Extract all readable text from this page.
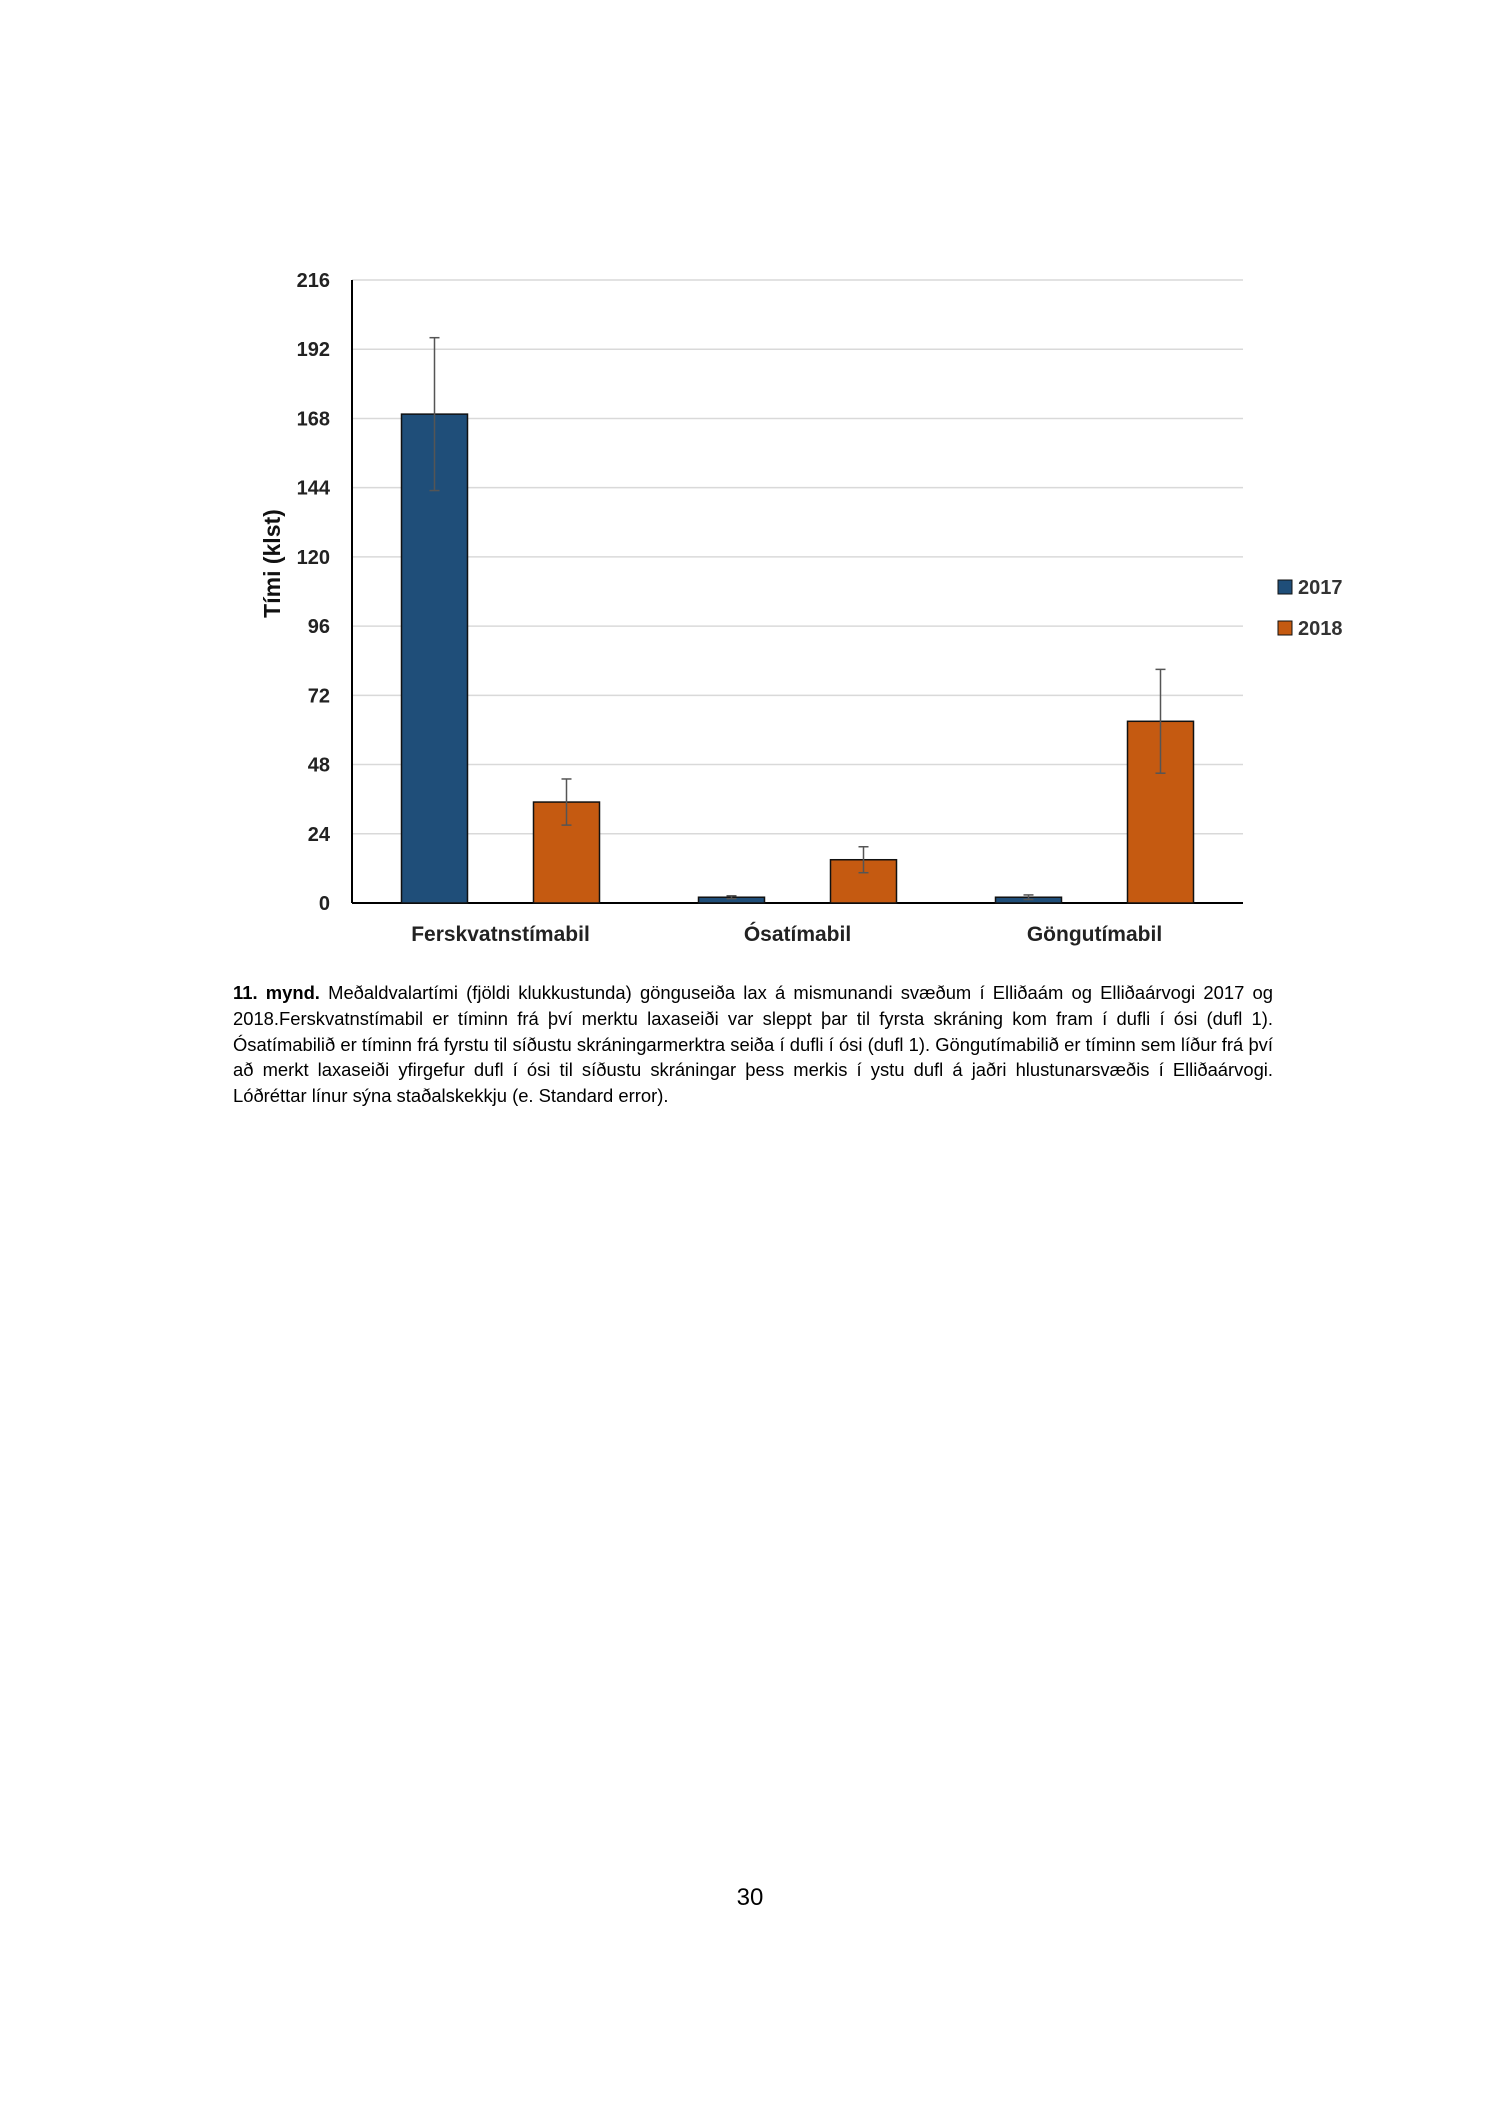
0
24
48
72
96
120
144
168
192
216
Tími (klst)
Ferskvatnstímabil	Ósatímabil	Göngutímabil
2017
2018
11. mynd. Meðaldvalartími (fjöldi klukkustunda) gönguseiða lax á mismunandi svæðum í Elliðaám og Elliðaárvogi 2017 og 2018.Ferskvatnstímabil er tíminn frá því merktu laxaseiði var sleppt þar til fyrsta skráning kom fram í dufli í ósi (dufl 1). Ósatímabilið er tíminn frá fyrstu til síðustu skráningarmerktra seiða í dufli í ósi (dufl 1). Göngutímabilið er tíminn sem líður frá því að merkt laxaseiði yfirgefur dufl í ósi til síðustu skráningar þess merkis í ystu dufl á jaðri hlustunarsvæðis í Elliðaárvogi. Lóðréttar línur sýna staðalskekkju (e. Standard error).
30
